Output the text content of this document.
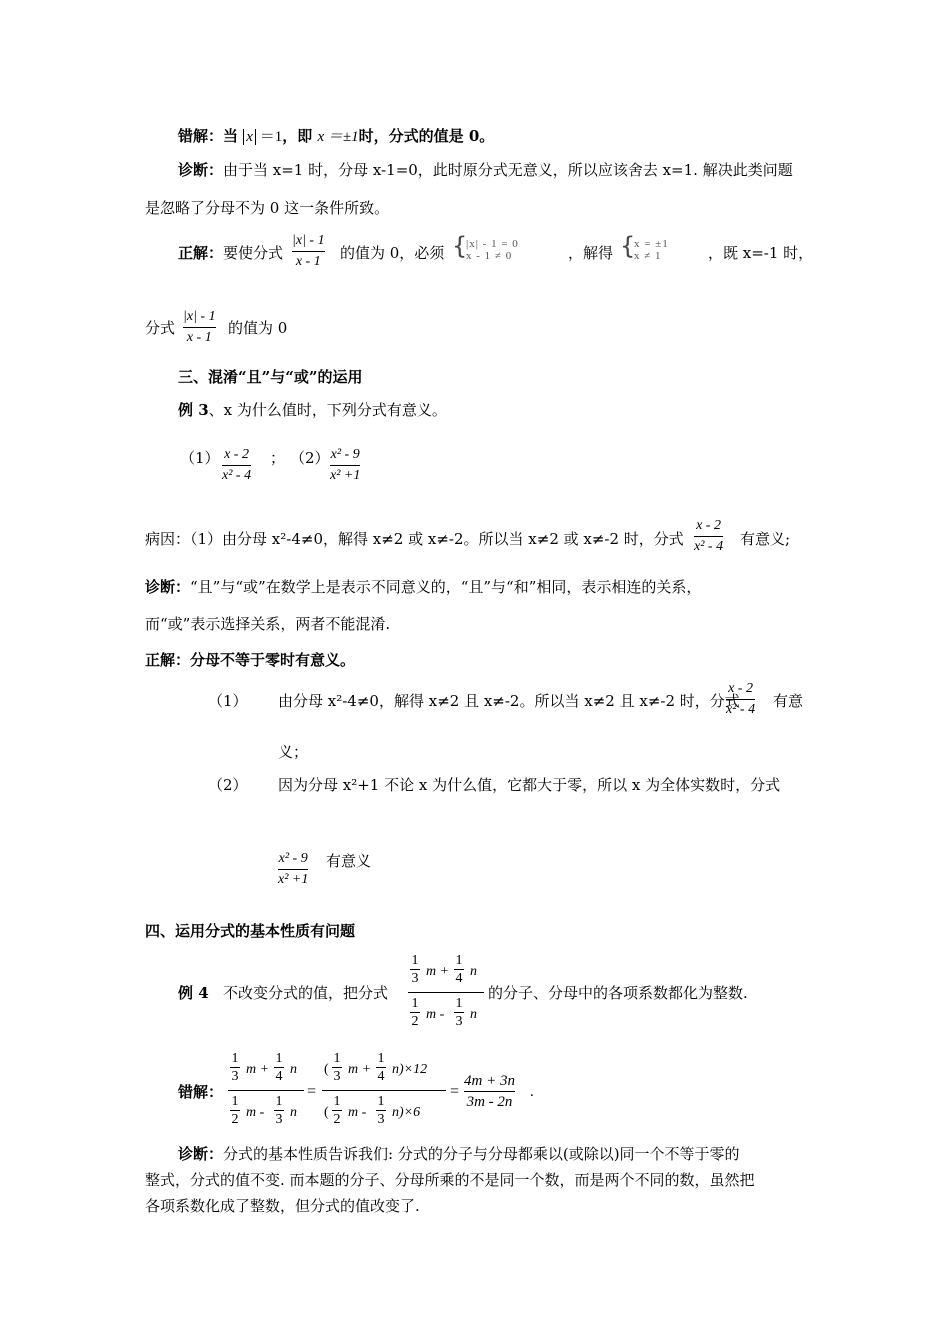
错解：当 x ＝1，即 x ＝±1时，分式的值是 0。
诊断：由于当 x=1 时，分母 x-1=0，此时原分式无意义，所以应该舍去 x=1. 解决此类问题
是忽略了分母不为 0 这一条件所致。
正解：要使分式
|x| - 1
x - 1 的值为 0，必须 {
|x| - 1 = 0
x - 1 ≠ 0	，解得 {
x = ±1
x ≠ 1	，既 x=-1 时，
分式
|x| - 1
x - 1
的值为 0
三、混淆“且”与“或”的运用
例 3、x 为什么值时，下列分式有意义。
（1） x - 2
x² - 4
； （2） x² - 9
x² +1
病因：（1）由分母 x²-4≠0，解得 x≠2 或 x≠-2。所以当 x≠2 或 x≠-2 时，分式
x - 2
x² - 4 有意义;
诊断：“且”与“或”在数学上是表示不同意义的，“且”与“和”相同，表示相连的关系，
而“或”表示选择关系，两者不能混淆.
正解：分母不等于零时有意义。
（1） 由分母 x²-4≠0，解得 x≠2 且 x≠-2。所以当 x≠2 且 x≠-2 时，分式
x - 2
x² - 4 有意
义；
（2） 因为分母 x²+1 不论 x 为什么值，它都大于零，所以 x 为全体实数时，分式
x² - 9
x² +1
有意义
四、运用分式的基本性质有问题
例 4 不改变分式的值，把分式
1
3 m +
1
4 n
1
2 m -
1
3 n
的分子、分母中的各项系数都化为整数.
错解：
1
3 m +
1
4 n
1
2 m -
1
3 n
=
(
1
3 m +
1
4 n)×12
(
1
2 m -
1
3 n)×6
=
4m + 3n
3m - 2n
.
诊断：分式的基本性质告诉我们: 分式的分子与分母都乘以(或除以)同一个不等于零的
整式，分式的值不变. 而本题的分子、分母所乘的不是同一个数，而是两个不同的数，虽然把
各项系数化成了整数，但分式的值改变了.
